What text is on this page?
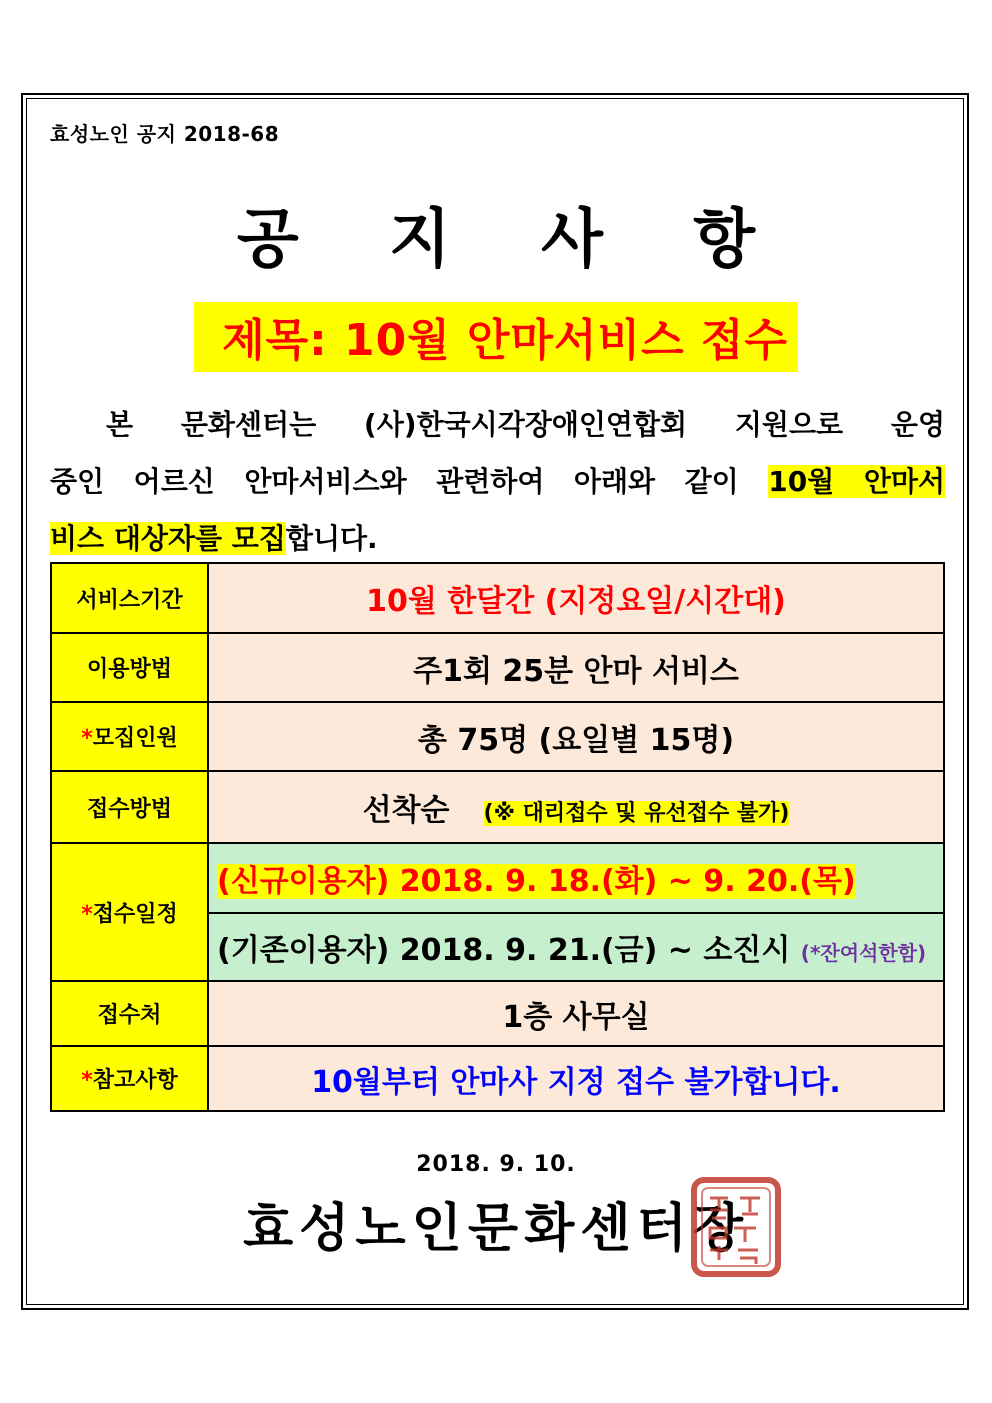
효성노인 공지 2018-68
공 지 사 항
제목: 10월 안마서비스 접수
본 문화센터는 (사)한국시각장애인연합회 지원으로 운영
중인 어르신 안마서비스와 관련하여 아래와 같이 10월 안마서
비스 대상자를 모집합니다.
서비스기간	10월 한달간 (지정요일/시간대)
이용방법	주1회 25분 안마 서비스
*모집인원	총 75명 (요일별 15명)
접수방법	선착순 (※ 대리접수 및 유선접수 불가)
*접수일정	(신규이용자) 2018. 9. 18.(화) ~ 9. 20.(목)
	(기존이용자) 2018. 9. 21.(금) ~ 소진시 (*잔여석한함)
접수처	1층 사무실
*참고사항	10월부터 안마사 지정 접수 불가합니다.
2018. 9. 10.
효성노인문화센터장
